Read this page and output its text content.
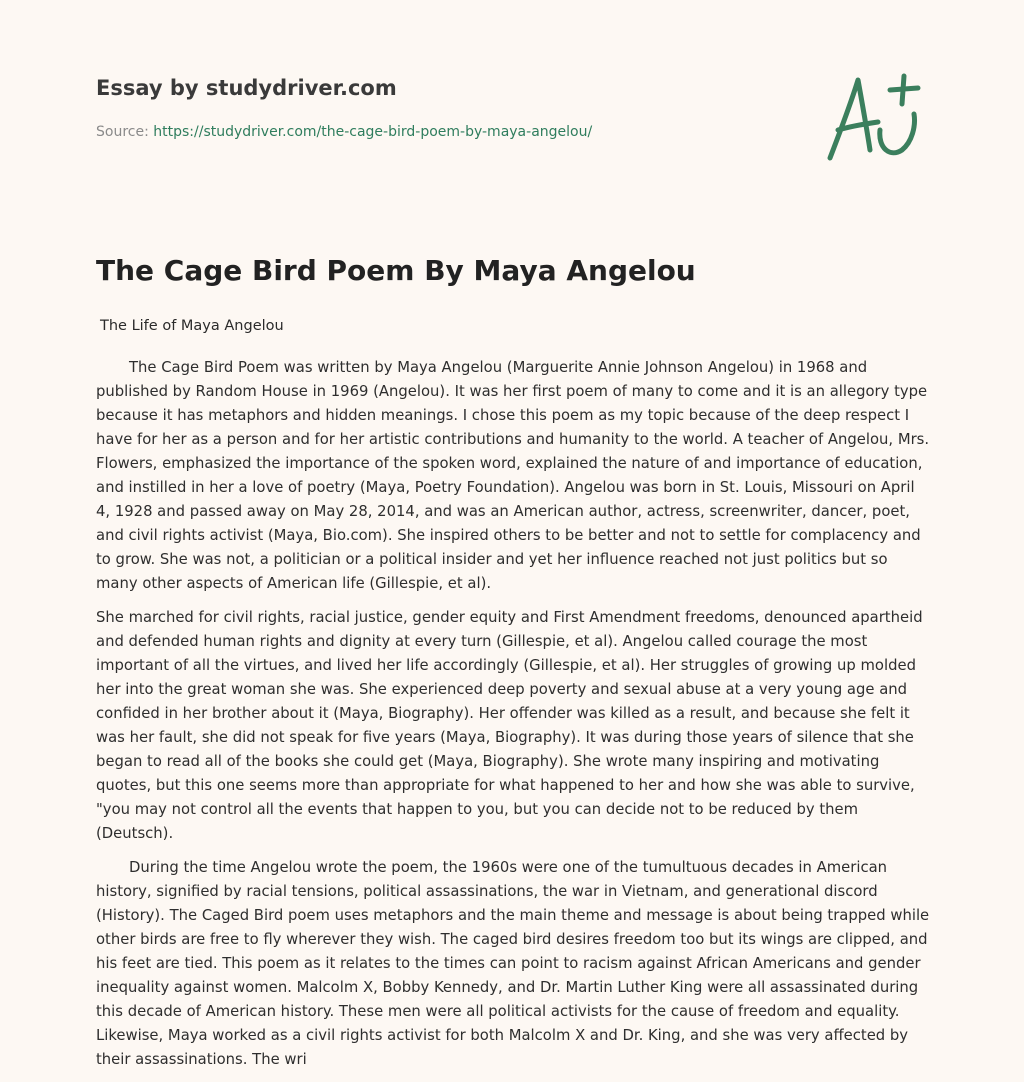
Essay by studydriver.com

Source: https://studydriver.com/the-cage-bird-poem-by-maya-angelou/

The Cage Bird Poem By Maya Angelou

The Life of Maya Angelou

The Cage Bird Poem was written by Maya Angelou (Marguerite Annie Johnson Angelou) in 1968 and published by Random House in 1969 (Angelou). It was her first poem of many to come and it is an allegory type because it has metaphors and hidden meanings. I chose this poem as my topic because of the deep respect I have for her as a person and for her artistic contributions and humanity to the world. A teacher of Angelou, Mrs. Flowers, emphasized the importance of the spoken word, explained the nature of and importance of education, and instilled in her a love of poetry (Maya, Poetry Foundation). Angelou was born in St. Louis, Missouri on April 4, 1928 and passed away on May 28, 2014, and was an American author, actress, screenwriter, dancer, poet, and civil rights activist (Maya, Bio.com). She inspired others to be better and not to settle for complacency and to grow. She was not, a politician or a political insider and yet her influence reached not just politics but so many other aspects of American life (Gillespie, et al).

She marched for civil rights, racial justice, gender equity and First Amendment freedoms, denounced apartheid and defended human rights and dignity at every turn (Gillespie, et al). Angelou called courage the most important of all the virtues, and lived her life accordingly (Gillespie, et al). Her struggles of growing up molded her into the great woman she was. She experienced deep poverty and sexual abuse at a very young age and confided in her brother about it (Maya, Biography). Her offender was killed as a result, and because she felt it was her fault, she did not speak for five years (Maya, Biography). It was during those years of silence that she began to read all of the books she could get (Maya, Biography). She wrote many inspiring and motivating quotes, but this one seems more than appropriate for what happened to her and how she was able to survive, "you may not control all the events that happen to you, but you can decide not to be reduced by them (Deutsch).

During the time Angelou wrote the poem, the 1960s were one of the tumultuous decades in American history, signified by racial tensions, political assassinations, the war in Vietnam, and generational discord (History). The Caged Bird poem uses metaphors and the main theme and message is about being trapped while other birds are free to fly wherever they wish. The caged bird desires freedom too but its wings are clipped, and his feet are tied. This poem as it relates to the times can point to racism against African Americans and gender inequality against women. Malcolm X, Bobby Kennedy, and Dr. Martin Luther King were all assassinated during this decade of American history. These men were all political activists for the cause of freedom and equality. Likewise, Maya worked as a civil rights activist for both Malcolm X and Dr. King, and she was very affected by their assassinations. The wri
